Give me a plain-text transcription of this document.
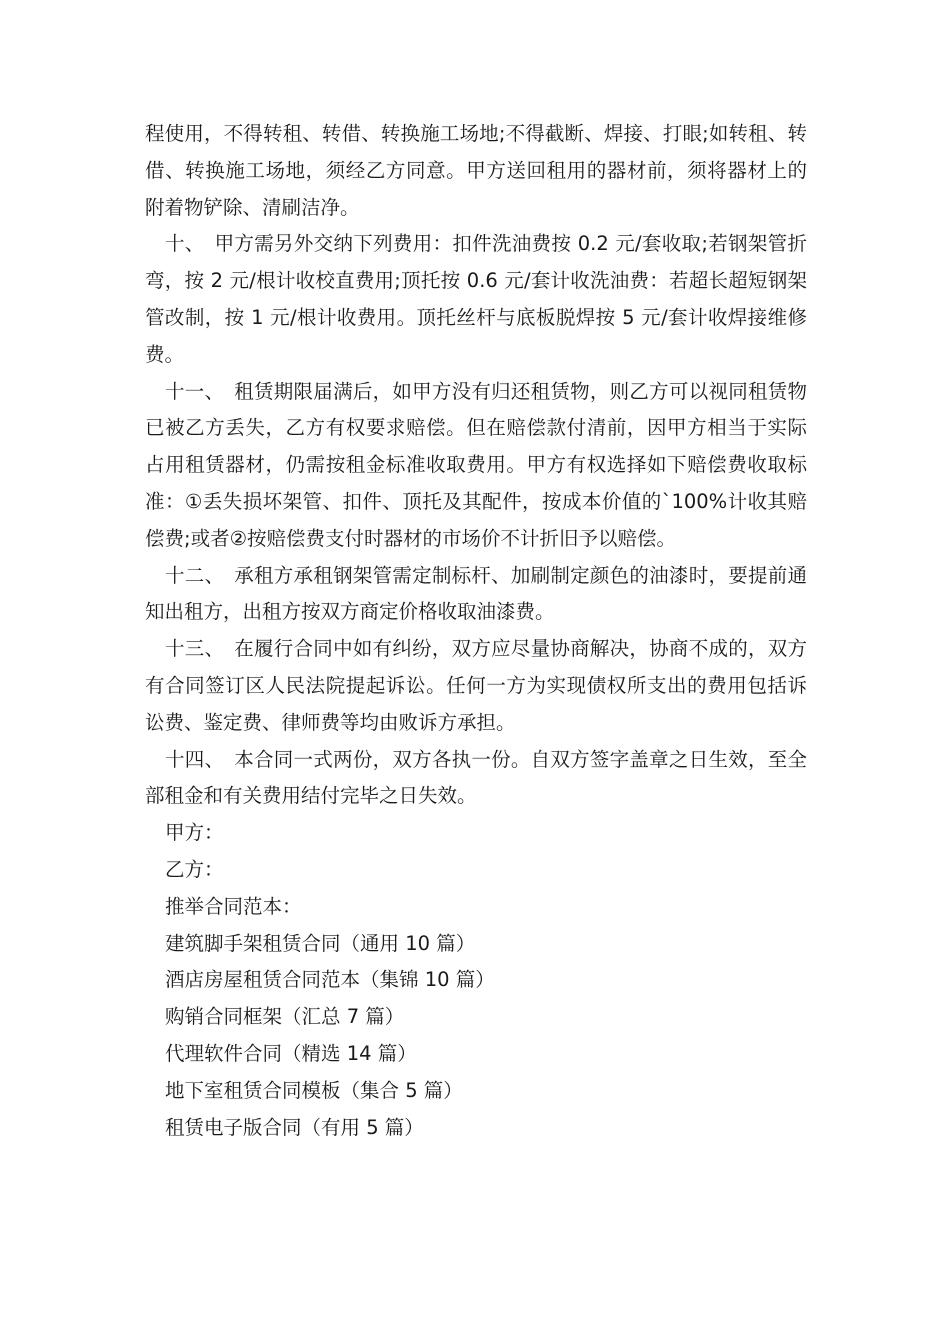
程使用，不得转租、转借、转换施工场地;不得截断、焊接、打眼;如转租、转借、转换施工场地，须经乙方同意。甲方送回租用的器材前，须将器材上的附着物铲除、清刷洁净。

十、 甲方需另外交纳下列费用：扣件洗油费按 0.2 元/套收取;若钢架管折弯，按 2 元/根计收校直费用;顶托按 0.6 元/套计收洗油费：若超长超短钢架管改制，按 1 元/根计收费用。顶托丝杆与底板脱焊按 5 元/套计收焊接维修费。

十一、 租赁期限届满后，如甲方没有归还租赁物，则乙方可以视同租赁物已被乙方丢失，乙方有权要求赔偿。但在赔偿款付清前，因甲方相当于实际占用租赁器材，仍需按租金标准收取费用。甲方有权选择如下赔偿费收取标准：①丢失损坏架管、扣件、顶托及其配件，按成本价值的`100%计收其赔偿费;或者②按赔偿费支付时器材的市场价不计折旧予以赔偿。

十二、 承租方承租钢架管需定制标杆、加刷制定颜色的油漆时，要提前通知出租方，出租方按双方商定价格收取油漆费。

十三、 在履行合同中如有纠纷，双方应尽量协商解决，协商不成的，双方有合同签订区人民法院提起诉讼。任何一方为实现债权所支出的费用包括诉讼费、鉴定费、律师费等均由败诉方承担。

十四、 本合同一式两份，双方各执一份。自双方签字盖章之日生效，至全部租金和有关费用结付完毕之日失效。

甲方：

乙方：

推举合同范本：

建筑脚手架租赁合同（通用 10 篇）

酒店房屋租赁合同范本（集锦 10 篇）

购销合同框架（汇总 7 篇）

代理软件合同（精选 14 篇）

地下室租赁合同模板（集合 5 篇）

租赁电子版合同（有用 5 篇）
